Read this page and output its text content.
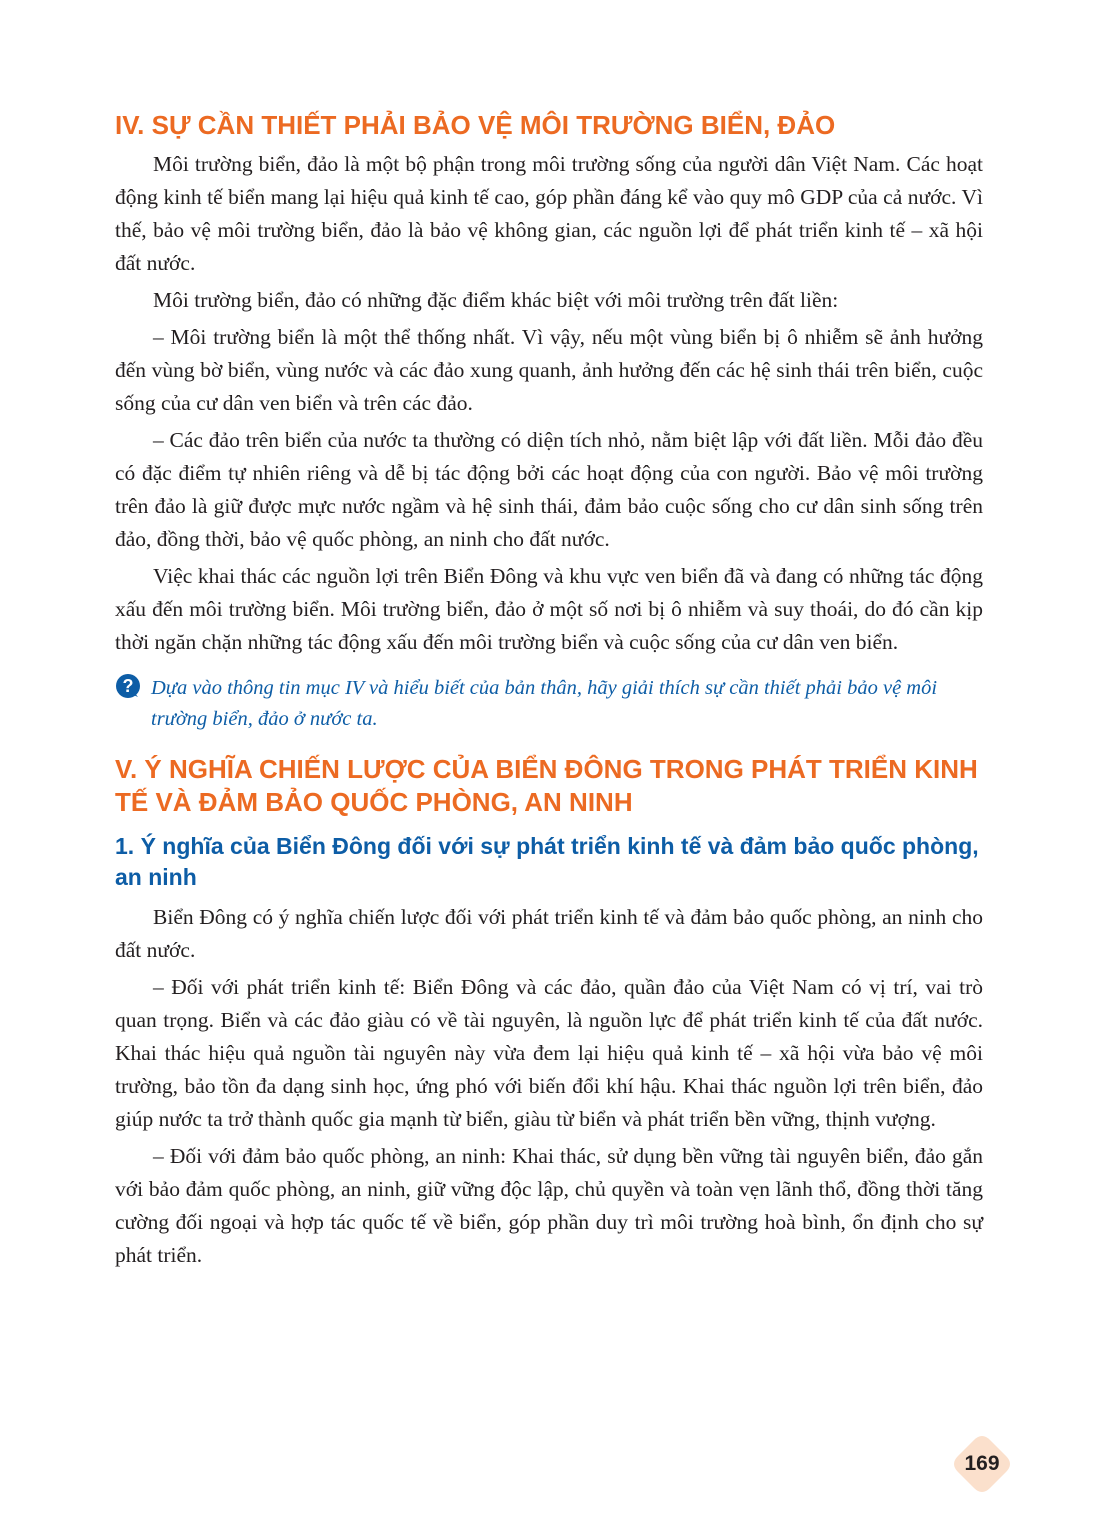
IV. SỰ CẦN THIẾT PHẢI BẢO VỆ MÔI TRƯỜNG BIỂN, ĐẢO

Môi trường biển, đảo là một bộ phận trong môi trường sống của người dân Việt Nam. Các hoạt động kinh tế biển mang lại hiệu quả kinh tế cao, góp phần đáng kể vào quy mô GDP của cả nước. Vì thế, bảo vệ môi trường biển, đảo là bảo vệ không gian, các nguồn lợi để phát triển kinh tế – xã hội đất nước.

Môi trường biển, đảo có những đặc điểm khác biệt với môi trường trên đất liền:

– Môi trường biển là một thể thống nhất. Vì vậy, nếu một vùng biển bị ô nhiễm sẽ ảnh hưởng đến vùng bờ biển, vùng nước và các đảo xung quanh, ảnh hưởng đến các hệ sinh thái trên biển, cuộc sống của cư dân ven biển và trên các đảo.

– Các đảo trên biển của nước ta thường có diện tích nhỏ, nằm biệt lập với đất liền. Mỗi đảo đều có đặc điểm tự nhiên riêng và dễ bị tác động bởi các hoạt động của con người. Bảo vệ môi trường trên đảo là giữ được mực nước ngầm và hệ sinh thái, đảm bảo cuộc sống cho cư dân sinh sống trên đảo, đồng thời, bảo vệ quốc phòng, an ninh cho đất nước.

Việc khai thác các nguồn lợi trên Biển Đông và khu vực ven biển đã và đang có những tác động xấu đến môi trường biển. Môi trường biển, đảo ở một số nơi bị ô nhiễm và suy thoái, do đó cần kịp thời ngăn chặn những tác động xấu đến môi trường biển và cuộc sống của cư dân ven biển.

? Dựa vào thông tin mục IV và hiểu biết của bản thân, hãy giải thích sự cần thiết phải bảo vệ môi trường biển, đảo ở nước ta.

V. Ý NGHĨA CHIẾN LƯỢC CỦA BIỂN ĐÔNG TRONG PHÁT TRIỂN KINH TẾ VÀ ĐẢM BẢO QUỐC PHÒNG, AN NINH
1. Ý nghĩa của Biển Đông đối với sự phát triển kinh tế và đảm bảo quốc phòng, an ninh

Biển Đông có ý nghĩa chiến lược đối với phát triển kinh tế và đảm bảo quốc phòng, an ninh cho đất nước.

– Đối với phát triển kinh tế: Biển Đông và các đảo, quần đảo của Việt Nam có vị trí, vai trò quan trọng. Biển và các đảo giàu có về tài nguyên, là nguồn lực để phát triển kinh tế của đất nước. Khai thác hiệu quả nguồn tài nguyên này vừa đem lại hiệu quả kinh tế – xã hội vừa bảo vệ môi trường, bảo tồn đa dạng sinh học, ứng phó với biến đổi khí hậu. Khai thác nguồn lợi trên biển, đảo giúp nước ta trở thành quốc gia mạnh từ biển, giàu từ biển và phát triển bền vững, thịnh vượng.

– Đối với đảm bảo quốc phòng, an ninh: Khai thác, sử dụng bền vững tài nguyên biển, đảo gắn với bảo đảm quốc phòng, an ninh, giữ vững độc lập, chủ quyền và toàn vẹn lãnh thổ, đồng thời tăng cường đối ngoại và hợp tác quốc tế về biển, góp phần duy trì môi trường hoà bình, ổn định cho sự phát triển.

169
